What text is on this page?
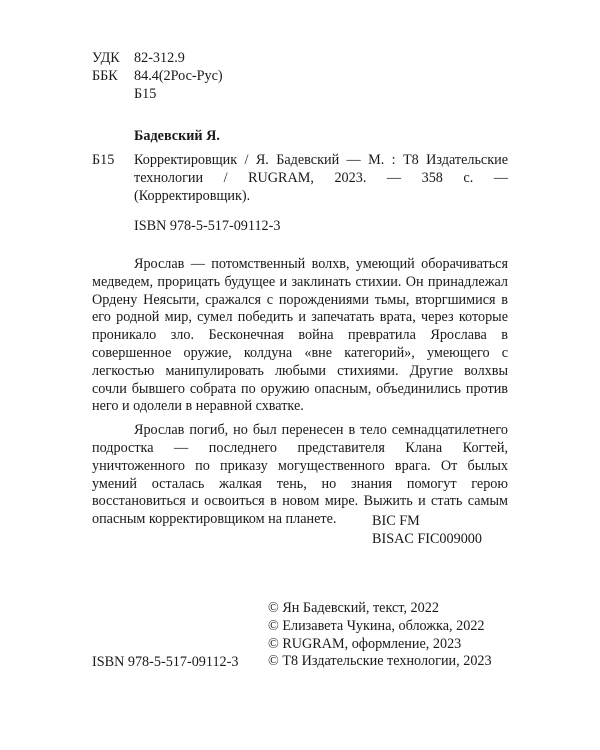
УДК	82-312.9
ББК	84.4(2Рос-Рус)
Б15
Бадевский Я.
Б15 Корректировщик / Я. Бадевский — М. : Т8 Издательские технологии / RUGRAM, 2023. — 358 с. — (Корректировщик).
ISBN 978-5-517-09112-3

Ярослав — потомственный волхв, умеющий оборачиваться медведем, прорицать будущее и заклинать стихии. Он принадлежал Ордену Неясыти, сражался с порождениями тьмы, вторгшимися в его родной мир, сумел победить и запечатать врата, через которые проникало зло. Бесконечная война превратила Ярослава в совершенное оружие, колдуна «вне категорий», умеющего с легкостью манипулировать любыми стихиями. Другие волхвы сочли бывшего собрата по оружию опасным, объединились против него и одолели в неравной схватке.

Ярослав погиб, но был перенесен в тело семнадцатилетнего подростка — последнего представителя Клана Когтей, уничтоженного по приказу могущественного врага. От былых умений осталась жалкая тень, но знания помогут герою восстановиться и освоиться в новом мире. Выжить и стать самым опасным корректировщиком на планете.	BIC FM
BISAC FIC009000
© Ян Бадевский, текст, 2022
© Елизавета Чукина, обложка, 2022
© RUGRAM, оформление, 2023
© Т8 Издательские технологии, 2023
ISBN 978-5-517-09112-3
